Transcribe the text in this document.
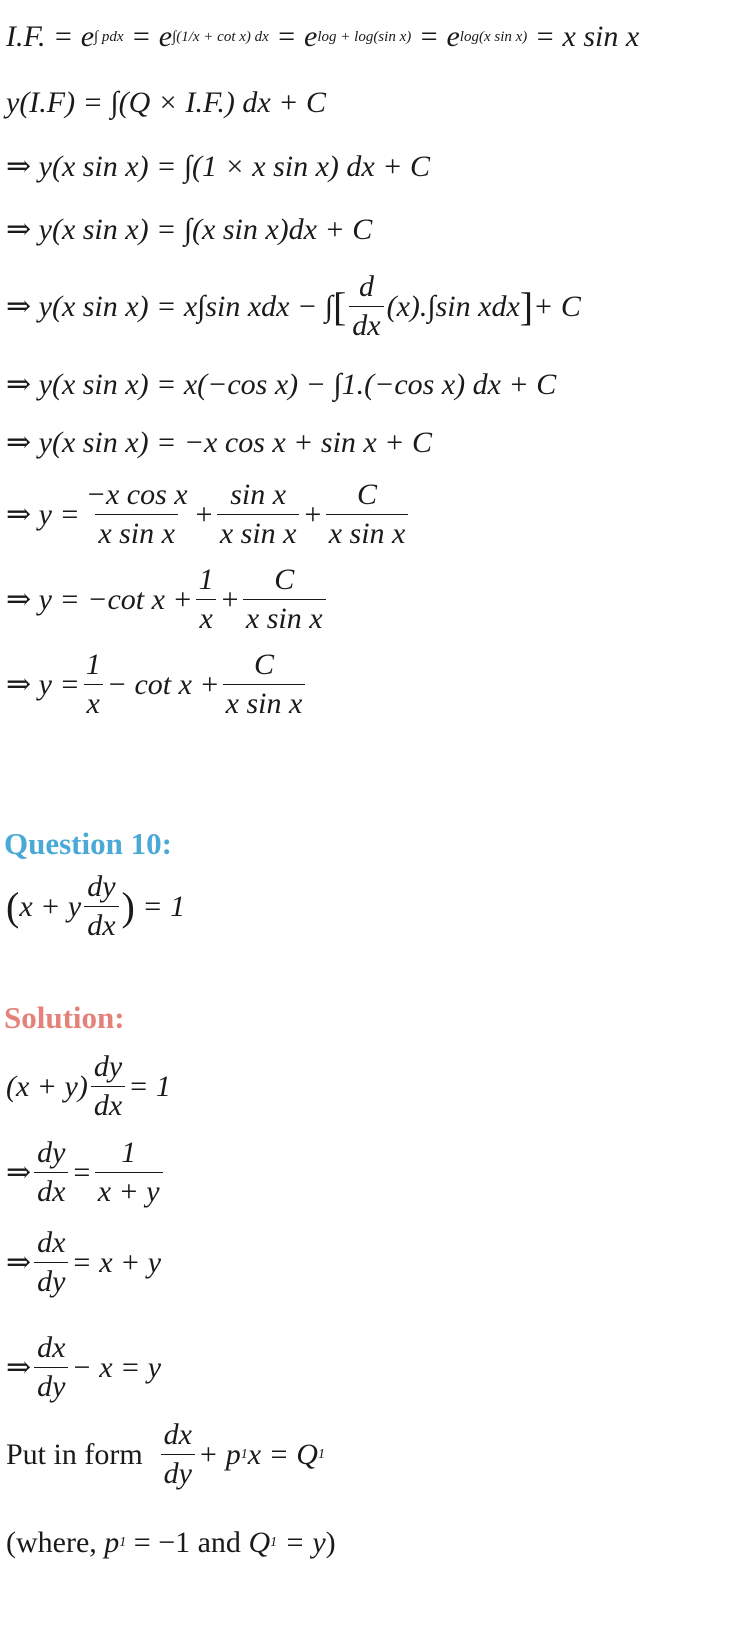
I.F. = e ∫ pdx = e ∫(1/x + cot x) dx = e log + log(sin x) = e log(x sin x) = x sin x
y(I.F) = ∫(Q × I.F.) dx + C
⇒ y(x sin x) = ∫(1 × x sin x) dx + C
⇒ y(x sin x) = ∫(x sin x)dx + C
⇒ y(x sin x) = x∫sin xdx − ∫ [ $\frac{d}{dx} (x).\int\sin$ xdx ] + C
⇒ y(x sin x) = x(−cos x) − ∫1.(−cos x) dx + C
⇒ y(x sin x) = −x cos x + sin x + C
⇒ $y = \frac{\text{−x cos x}}{\text{x sin x}} + \frac{\text{sin x}}{\text{x sin x}} + \frac{C}{\text{x sin x}}$
⇒ y = −cot $x + \frac{1}{x} + \frac{C}{\text{x sin x}}$
⇒ $y = \frac{1}{x} - \cot x + \frac{C}{\text{x sin x}}$
Question 10:
( x + y $\frac{dy}{dx}$ ) = 1
Solution:
$(x + y) \frac{dy}{dx} = 1$
⇒ $\frac{dy}{dx} = \frac{1}{x + y}$
⇒ $\frac{dx}{dy} = x + y$
⇒ $\frac{dx}{dy} - x = y$
Put in form
$\frac{dx}{dy} + p$ 1 x = Q 1
(where, p 1
= −1 and Q 1 = y )
